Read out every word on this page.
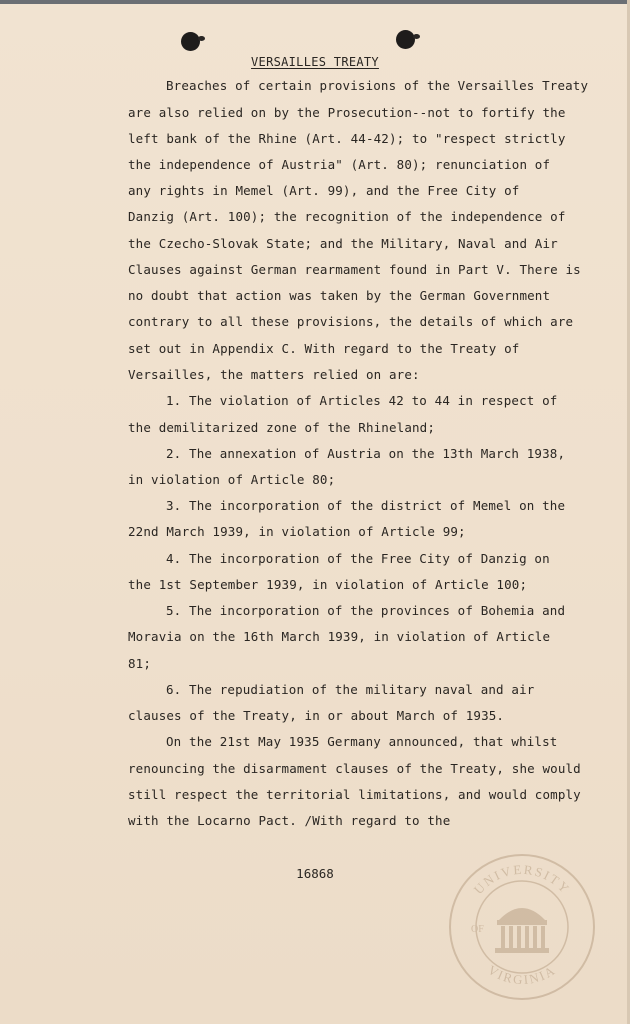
VERSAILLES TREATY
Breaches of certain provisions of the Versailles Treaty
are also relied on by the Prosecution--not to fortify the
left bank of the Rhine (Art. 44-42); to "respect strictly
the independence of Austria" (Art. 80); renunciation of
any rights in Memel (Art. 99), and the Free City of
Danzig (Art. 100); the recognition of the independence of
the Czecho-Slovak State; and the Military, Naval and Air
Clauses against German rearmament found in Part V. There is
no doubt that action was taken by the German Government
contrary to all these provisions, the details of which are
set out in Appendix C. With regard to the Treaty of
Versailles, the matters relied on are:
1. The violation of Articles 42 to 44 in respect of
the demilitarized zone of the Rhineland;
2. The annexation of Austria on the 13th March 1938,
in violation of Article 80;
3. The incorporation of the district of Memel on the
22nd March 1939, in violation of Article 99;
4. The incorporation of the Free City of Danzig on
the 1st September 1939, in violation of Article 100;
5. The incorporation of the provinces of Bohemia and
Moravia on the 16th March 1939, in violation of Article
81;
6. The repudiation of the military naval and air
clauses of the Treaty, in or about March of 1935.
On the 21st May 1935 Germany announced, that whilst
renouncing the disarmament clauses of the Treaty, she would
still respect the territorial limitations, and would comply
with the Locarno Pact. /With regard to the
16868
UNIVERSITY
VIRGINIA
OF
